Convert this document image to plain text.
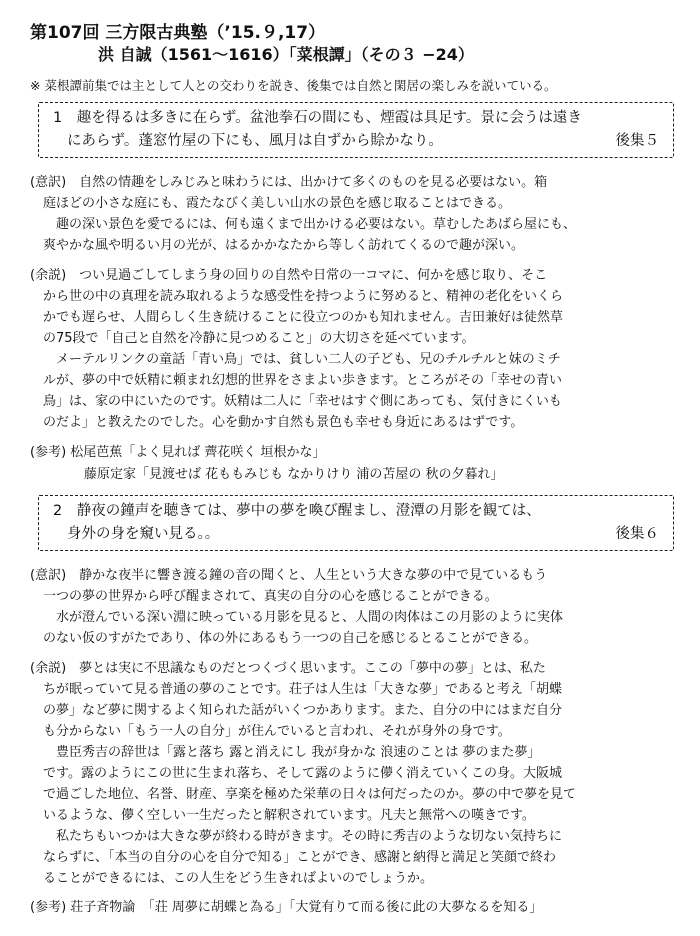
第107回 三方限古典塾（’15.９,17）
洪 自誠（1561〜1616）「菜根譚」（その３ −24）
※ 菜根譚前集では主として人との交わりを説き、後集では自然と閑居の楽しみを説いている。
1　趣を得るは多きに在らず。盆池拳石の間にも、煙霞は具足す。景に会うは遠き
にあらず。蓬窓竹屋の下にも、風月は自ずから賒かなり。	後集５
(意訳)　自然の情趣をしみじみと味わうには、出かけて多くのものを見る必要はない。箱
庭ほどの小さな庭にも、霞たなびく美しい山水の景色を感じ取ることはできる。
趣の深い景色を愛でるには、何も遠くまで出かける必要はない。草むしたあばら屋にも、
爽やかな風や明るい月の光が、はるかかなたから等しく訪れてくるので趣が深い。
(余説)　つい見過ごしてしまう身の回りの自然や日常の一コマに、何かを感じ取り、そこ
から世の中の真理を読み取れるような感受性を持つように努めると、精神の老化をいくら
かでも遅らせ、人間らしく生き続けることに役立つのかも知れません。吉田兼好は徒然草
の75段で「自己と自然を冷静に見つめること」の大切さを延べています。
メーテルリンクの童話「青い鳥」では、貧しい二人の子ども、兄のチルチルと妹のミチ
ルが、夢の中で妖精に頼まれ幻想的世界をさまよい歩きます。ところがその「幸せの青い
鳥」は、家の中にいたのです。妖精は二人に「幸せはすぐ側にあっても、気付きにくいも
のだよ」と教えたのでした。心を動かす自然も景色も幸せも身近にあるはずです。
(参考) 松尾芭蕉「よく見れば 薺花咲く 垣根かな」
藤原定家「見渡せば 花ももみじも なかりけり 浦の苫屋の 秋の夕暮れ」
2　静夜の鐘声を聴きては、夢中の夢を喚び醒まし、澄潭の月影を観ては、
身外の身を窺い見る。。	後集６
(意訳)　静かな夜半に響き渡る鐘の音の聞くと、人生という大きな夢の中で見ているもう
一つの夢の世界から呼び醒まされて、真実の自分の心を感じることができる。
水が澄んでいる深い淵に映っている月影を見ると、人間の肉体はこの月影のように実体
のない仮のすがたであり、体の外にあるもう一つの自己を感じるとることができる。
(余説)　夢とは実に不思議なものだとつくづく思います。ここの「夢中の夢」とは、私た
ちが眠っていて見る普通の夢のことです。荘子は人生は「大きな夢」であると考え「胡蝶
の夢」など夢に関するよく知られた話がいくつかあります。また、自分の中にはまだ自分
も分からない「もう一人の自分」が住んでいると言われ、それが身外の身です。
豊臣秀吉の辞世は「露と落ち 露と消えにし 我が身かな 浪速のことは 夢のまた夢」
です。露のようにこの世に生まれ落ち、そして露のように儚く消えていくこの身。大阪城
で過ごした地位、名誉、財産、享楽を極めた栄華の日々は何だったのか。夢の中で夢を見て
いるような、儚く空しい一生だったと解釈されています。凡夫と無常への嘆きです。
私たちもいつかは大きな夢が終わる時がきます。その時に秀吉のような切ない気持ちに
ならずに、「本当の自分の心を自分で知る」ことができ、感謝と納得と満足と笑顔で終わ
ることができるには、この人生をどう生きればよいのでしょうか。
(参考) 荘子斉物論　「荘 周夢に胡蝶と為る」「大覚有りて而る後に此の大夢なるを知る」
